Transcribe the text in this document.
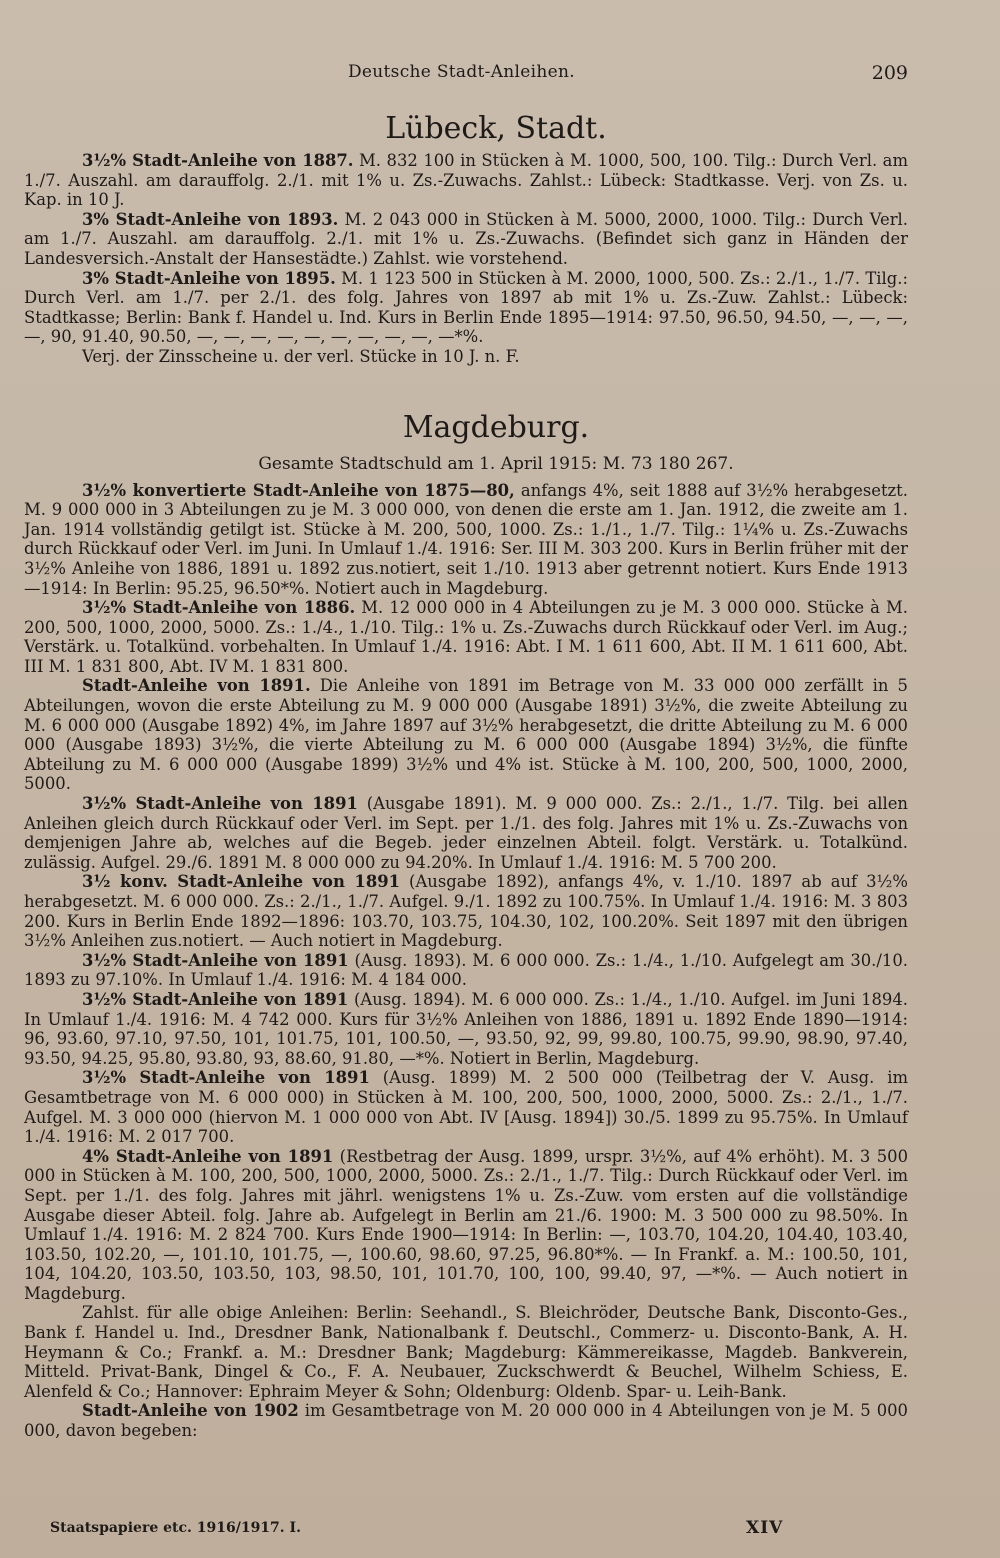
Deutsche Stadt-Anleihen.	209
Lübeck, Stadt.

3½% Stadt-Anleihe von 1887. M. 832 100 in Stücken à M. 1000, 500, 100. Tilg.: Durch Verl. am 1./7. Auszahl. am darauffolg. 2./1. mit 1% u. Zs.-Zuwachs. Zahlst.: Lübeck: Stadtkasse. Verj. von Zs. u. Kap. in 10 J.

3% Stadt-Anleihe von 1893. M. 2 043 000 in Stücken à M. 5000, 2000, 1000. Tilg.: Durch Verl. am 1./7. Auszahl. am darauffolg. 2./1. mit 1% u. Zs.-Zuwachs. (Befindet sich ganz in Händen der Landesversich.-Anstalt der Hansestädte.) Zahlst. wie vorstehend.

3% Stadt-Anleihe von 1895. M. 1 123 500 in Stücken à M. 2000, 1000, 500. Zs.: 2./1., 1./7. Tilg.: Durch Verl. am 1./7. per 2./1. des folg. Jahres von 1897 ab mit 1% u. Zs.-Zuw. Zahlst.: Lübeck: Stadtkasse; Berlin: Bank f. Handel u. Ind. Kurs in Berlin Ende 1895—1914: 97.50, 96.50, 94.50, —, —, —, —, 90, 91.40, 90.50, —, —, —, —, —, —, —, —, —, —*%.

Verj. der Zinsscheine u. der verl. Stücke in 10 J. n. F.

Magdeburg.
Gesamte Stadtschuld am 1. April 1915: M. 73 180 267.

3½% konvertierte Stadt-Anleihe von 1875—80, anfangs 4%, seit 1888 auf 3½% herabgesetzt. M. 9 000 000 in 3 Abteilungen zu je M. 3 000 000, von denen die erste am 1. Jan. 1912, die zweite am 1. Jan. 1914 vollständig getilgt ist. Stücke à M. 200, 500, 1000. Zs.: 1./1., 1./7. Tilg.: 1¼% u. Zs.-Zuwachs durch Rückkauf oder Verl. im Juni. In Umlauf 1./4. 1916: Ser. III M. 303 200. Kurs in Berlin früher mit der 3½% Anleihe von 1886, 1891 u. 1892 zus.notiert, seit 1./10. 1913 aber getrennt notiert. Kurs Ende 1913—1914: In Berlin: 95.25, 96.50*%. Notiert auch in Magdeburg.

3½% Stadt-Anleihe von 1886. M. 12 000 000 in 4 Abteilungen zu je M. 3 000 000. Stücke à M. 200, 500, 1000, 2000, 5000. Zs.: 1./4., 1./10. Tilg.: 1% u. Zs.-Zuwachs durch Rückkauf oder Verl. im Aug.; Verstärk. u. Totalkünd. vorbehalten. In Umlauf 1./4. 1916: Abt. I M. 1 611 600, Abt. II M. 1 611 600, Abt. III M. 1 831 800, Abt. IV M. 1 831 800.

Stadt-Anleihe von 1891. Die Anleihe von 1891 im Betrage von M. 33 000 000 zerfällt in 5 Abteilungen, wovon die erste Abteilung zu M. 9 000 000 (Ausgabe 1891) 3½%, die zweite Abteilung zu M. 6 000 000 (Ausgabe 1892) 4%, im Jahre 1897 auf 3½% herabgesetzt, die dritte Abteilung zu M. 6 000 000 (Ausgabe 1893) 3½%, die vierte Abteilung zu M. 6 000 000 (Ausgabe 1894) 3½%, die fünfte Abteilung zu M. 6 000 000 (Ausgabe 1899) 3½% und 4% ist. Stücke à M. 100, 200, 500, 1000, 2000, 5000.

3½% Stadt-Anleihe von 1891 (Ausgabe 1891). M. 9 000 000. Zs.: 2./1., 1./7. Tilg. bei allen Anleihen gleich durch Rückkauf oder Verl. im Sept. per 1./1. des folg. Jahres mit 1% u. Zs.-Zuwachs von demjenigen Jahre ab, welches auf die Begeb. jeder einzelnen Abteil. folgt. Verstärk. u. Totalkünd. zulässig. Aufgel. 29./6. 1891 M. 8 000 000 zu 94.20%. In Umlauf 1./4. 1916: M. 5 700 200.

3½ konv. Stadt-Anleihe von 1891 (Ausgabe 1892), anfangs 4%, v. 1./10. 1897 ab auf 3½% herabgesetzt. M. 6 000 000. Zs.: 2./1., 1./7. Aufgel. 9./1. 1892 zu 100.75%. In Umlauf 1./4. 1916: M. 3 803 200. Kurs in Berlin Ende 1892—1896: 103.70, 103.75, 104.30, 102, 100.20%. Seit 1897 mit den übrigen 3½% Anleihen zus.notiert. — Auch notiert in Magdeburg.

3½% Stadt-Anleihe von 1891 (Ausg. 1893). M. 6 000 000. Zs.: 1./4., 1./10. Aufgelegt am 30./10. 1893 zu 97.10%. In Umlauf 1./4. 1916: M. 4 184 000.

3½% Stadt-Anleihe von 1891 (Ausg. 1894). M. 6 000 000. Zs.: 1./4., 1./10. Aufgel. im Juni 1894. In Umlauf 1./4. 1916: M. 4 742 000. Kurs für 3½% Anleihen von 1886, 1891 u. 1892 Ende 1890—1914: 96, 93.60, 97.10, 97.50, 101, 101.75, 101, 100.50, —, 93.50, 92, 99, 99.80, 100.75, 99.90, 98.90, 97.40, 93.50, 94.25, 95.80, 93.80, 93, 88.60, 91.80, —*%. Notiert in Berlin, Magdeburg.

3½% Stadt-Anleihe von 1891 (Ausg. 1899) M. 2 500 000 (Teilbetrag der V. Ausg. im Gesamtbetrage von M. 6 000 000) in Stücken à M. 100, 200, 500, 1000, 2000, 5000. Zs.: 2./1., 1./7. Aufgel. M. 3 000 000 (hiervon M. 1 000 000 von Abt. IV [Ausg. 1894]) 30./5. 1899 zu 95.75%. In Umlauf 1./4. 1916: M. 2 017 700.

4% Stadt-Anleihe von 1891 (Restbetrag der Ausg. 1899, urspr. 3½%, auf 4% erhöht). M. 3 500 000 in Stücken à M. 100, 200, 500, 1000, 2000, 5000. Zs.: 2./1., 1./7. Tilg.: Durch Rückkauf oder Verl. im Sept. per 1./1. des folg. Jahres mit jährl. wenigstens 1% u. Zs.-Zuw. vom ersten auf die vollständige Ausgabe dieser Abteil. folg. Jahre ab. Aufgelegt in Berlin am 21./6. 1900: M. 3 500 000 zu 98.50%. In Umlauf 1./4. 1916: M. 2 824 700. Kurs Ende 1900—1914: In Berlin: —, 103.70, 104.20, 104.40, 103.40, 103.50, 102.20, —, 101.10, 101.75, —, 100.60, 98.60, 97.25, 96.80*%. — In Frankf. a. M.: 100.50, 101, 104, 104.20, 103.50, 103.50, 103, 98.50, 101, 101.70, 100, 100, 99.40, 97, —*%. — Auch notiert in Magdeburg.

Zahlst. für alle obige Anleihen: Berlin: Seehandl., S. Bleichröder, Deutsche Bank, Disconto-Ges., Bank f. Handel u. Ind., Dresdner Bank, Nationalbank f. Deutschl., Commerz- u. Disconto-Bank, A. H. Heymann & Co.; Frankf. a. M.: Dresdner Bank; Magdeburg: Kämmereikasse, Magdeb. Bankverein, Mitteld. Privat-Bank, Dingel & Co., F. A. Neubauer, Zuckschwerdt & Beuchel, Wilhelm Schiess, E. Alenfeld & Co.; Hannover: Ephraim Meyer & Sohn; Oldenburg: Oldenb. Spar- u. Leih-Bank.

Stadt-Anleihe von 1902 im Gesamtbetrage von M. 20 000 000 in 4 Abteilungen von je M. 5 000 000, davon begeben:

Staatspapiere etc. 1916/1917. I.	XIV
